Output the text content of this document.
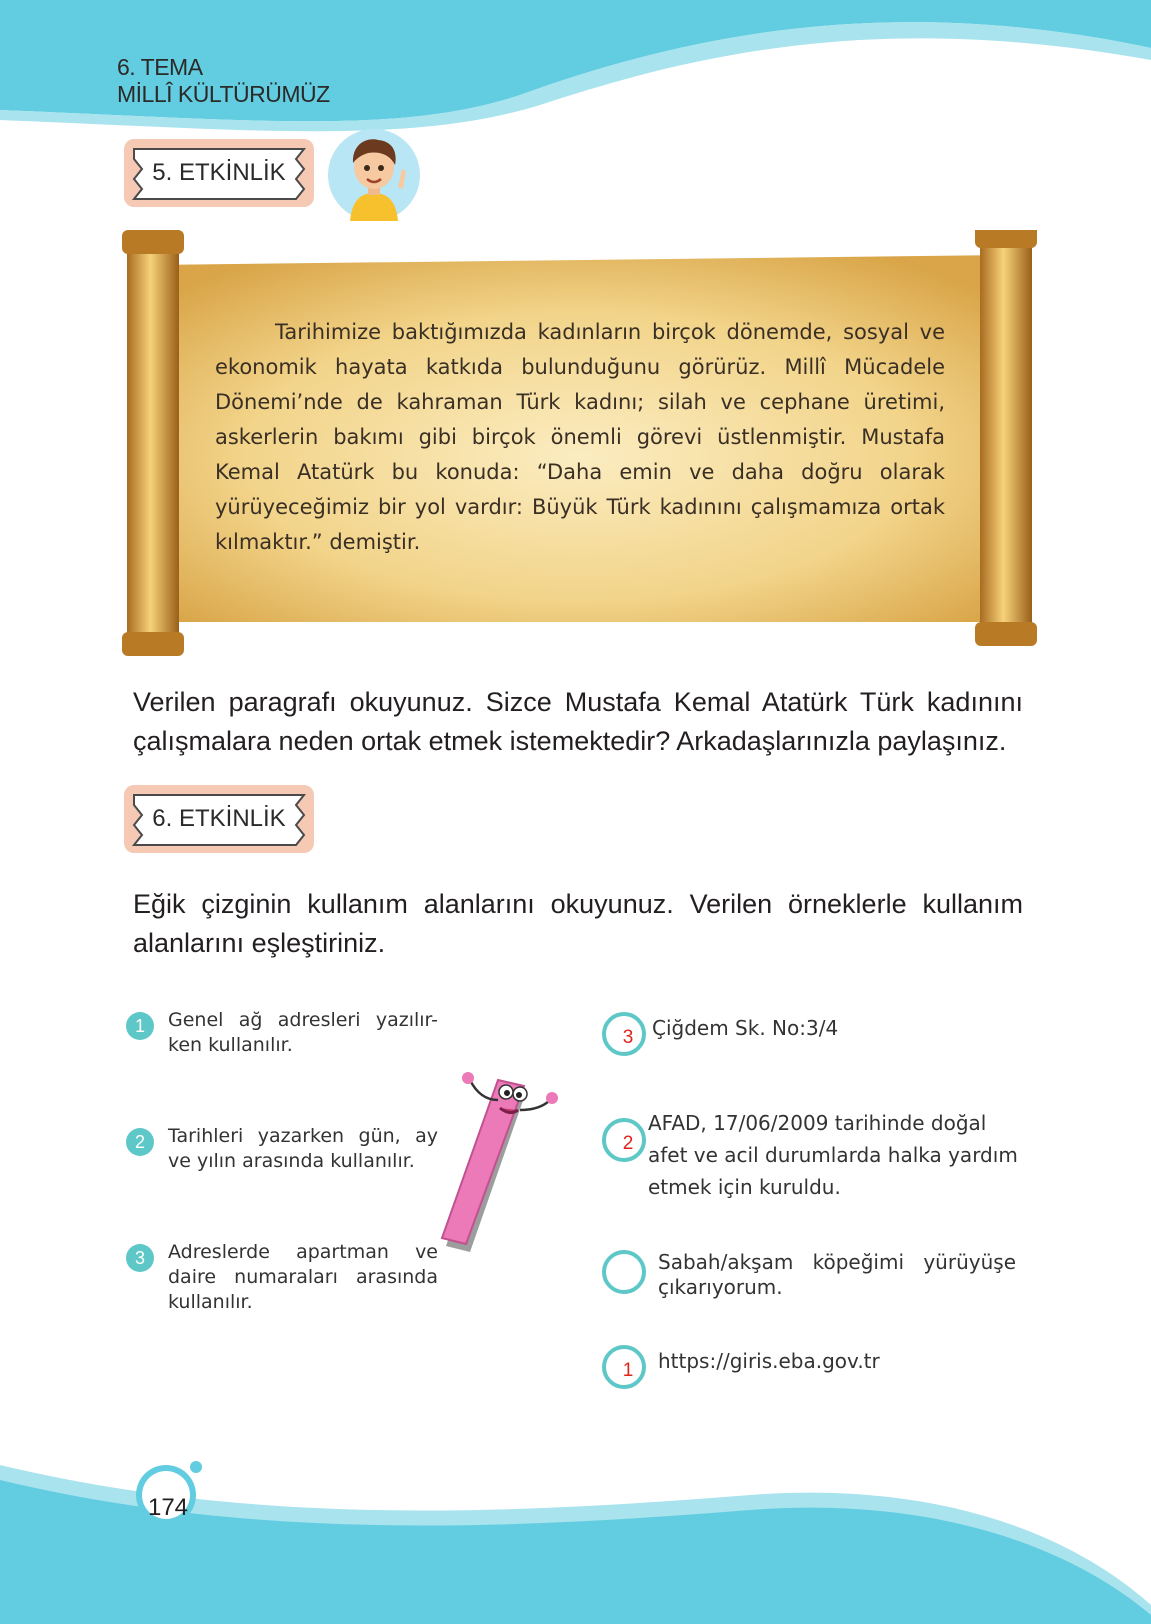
6. TEMA
MİLLÎ KÜLTÜRÜMÜZ
5. ETKİNLİK
Tarihimize baktığımızda kadınların birçok dönemde, sosyal ve ekonomik hayata katkıda bulunduğunu görürüz. Millî Mücadele Dönemi’nde de kahraman Türk kadını; silah ve cephane üretimi, askerlerin bakımı gibi birçok önemli görevi üstlenmiştir. Mustafa Kemal Atatürk bu konuda: “Daha emin ve daha doğru olarak yürüyeceğimiz bir yol vardır: Büyük Türk kadınını çalışmamıza ortak kılmaktır.” demiştir.
Verilen paragrafı okuyunuz. Sizce Mustafa Kemal Atatürk Türk kadınını çalışmalara neden ortak etmek istemektedir? Arkadaşlarınızla paylaşınız.
6. ETKİNLİK
Eğik çizginin kullanım alanlarını okuyunuz. Verilen örneklerle kullanım alanlarını eşleştiriniz.
1	Genel ağ adresleri yazılır-ken kullanılır.
2	Tarihleri yazarken gün, ay ve yılın arasında kullanılır.
3	Adreslerde apartman ve daire numaraları arasında kullanılır.
3 Çiğdem Sk. No:3/4
2
AFAD, 17/06/2009 tarihinde doğal afet ve acil durumlarda halka yardım etmek için kuruldu.
Sabah/akşam köpeğimi yürüyüşe çıkarıyorum.
1	https://giris.eba.gov.tr
174
